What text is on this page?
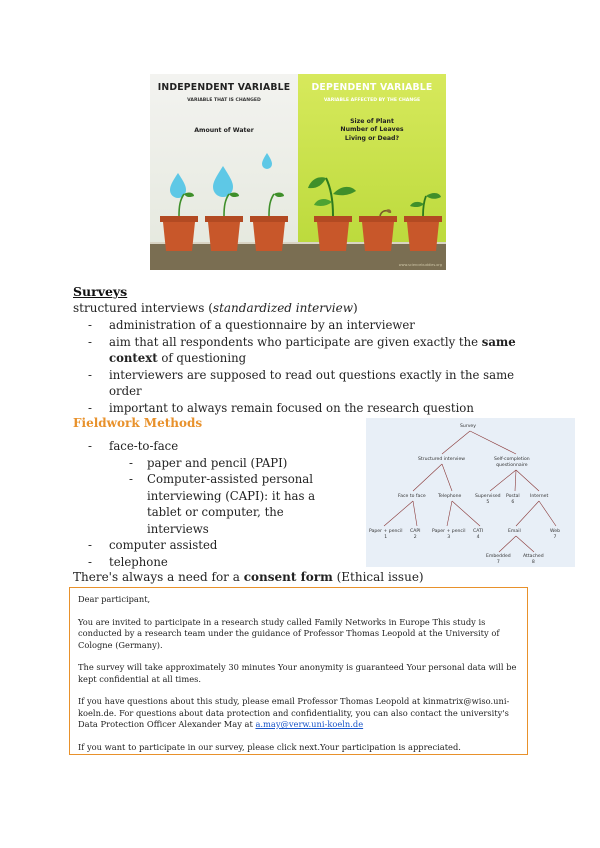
INDEPENDENT VARIABLE
VARIABLE THAT IS CHANGED
Amount of Water
DEPENDENT VARIABLE
VARIABLE AFFECTED BY THE CHANGE
Size of Plant
Number of Leaves
Living or Dead?
www.sciencebuddies.org
Surveys
structured interviews (standardized interview)
- administration of a questionnaire by an interviewer
- aim that all respondents who participate are given exactly the same context of questioning
- interviewers are supposed to read out questions exactly in the same order
- important to always remain focused on the research question
Fieldwork Methods
- face-to-face
- paper and pencil (PAPI)
- Computer-assisted personal interviewing (CAPI): it has a tablet or computer, the interviews
- computer assisted
- telephone
Survey
Structured interview	Self-completion
questionnaire
Face to face	Telephone	Supervised
5
Postal
6
Internet
Paper + pencil
1
CAPI
2
Paper + pencil
3
CATI
4
Email	Web
7
Embedded
7
Attached
8
There's always a need for a consent form (Ethical issue)

Dear participant,

You are invited to participate in a research study called Family Networks in Europe This study is conducted by a research team under the guidance of Professor Thomas Leopold at the University of Cologne (Germany).

The survey will take approximately 30 minutes Your anonymity is guaranteed Your personal data will be kept confidential at all times.

If you have questions about this study, please email Professor Thomas Leopold at kinmatrix@wiso.uni-koeln.de. For questions about data protection and confidentiality, you can also contact the university's Data Protection Officer Alexander May at a.may@verw.uni-koeln.de

If you want to participate in our survey, please click next.Your participation is appreciated.
